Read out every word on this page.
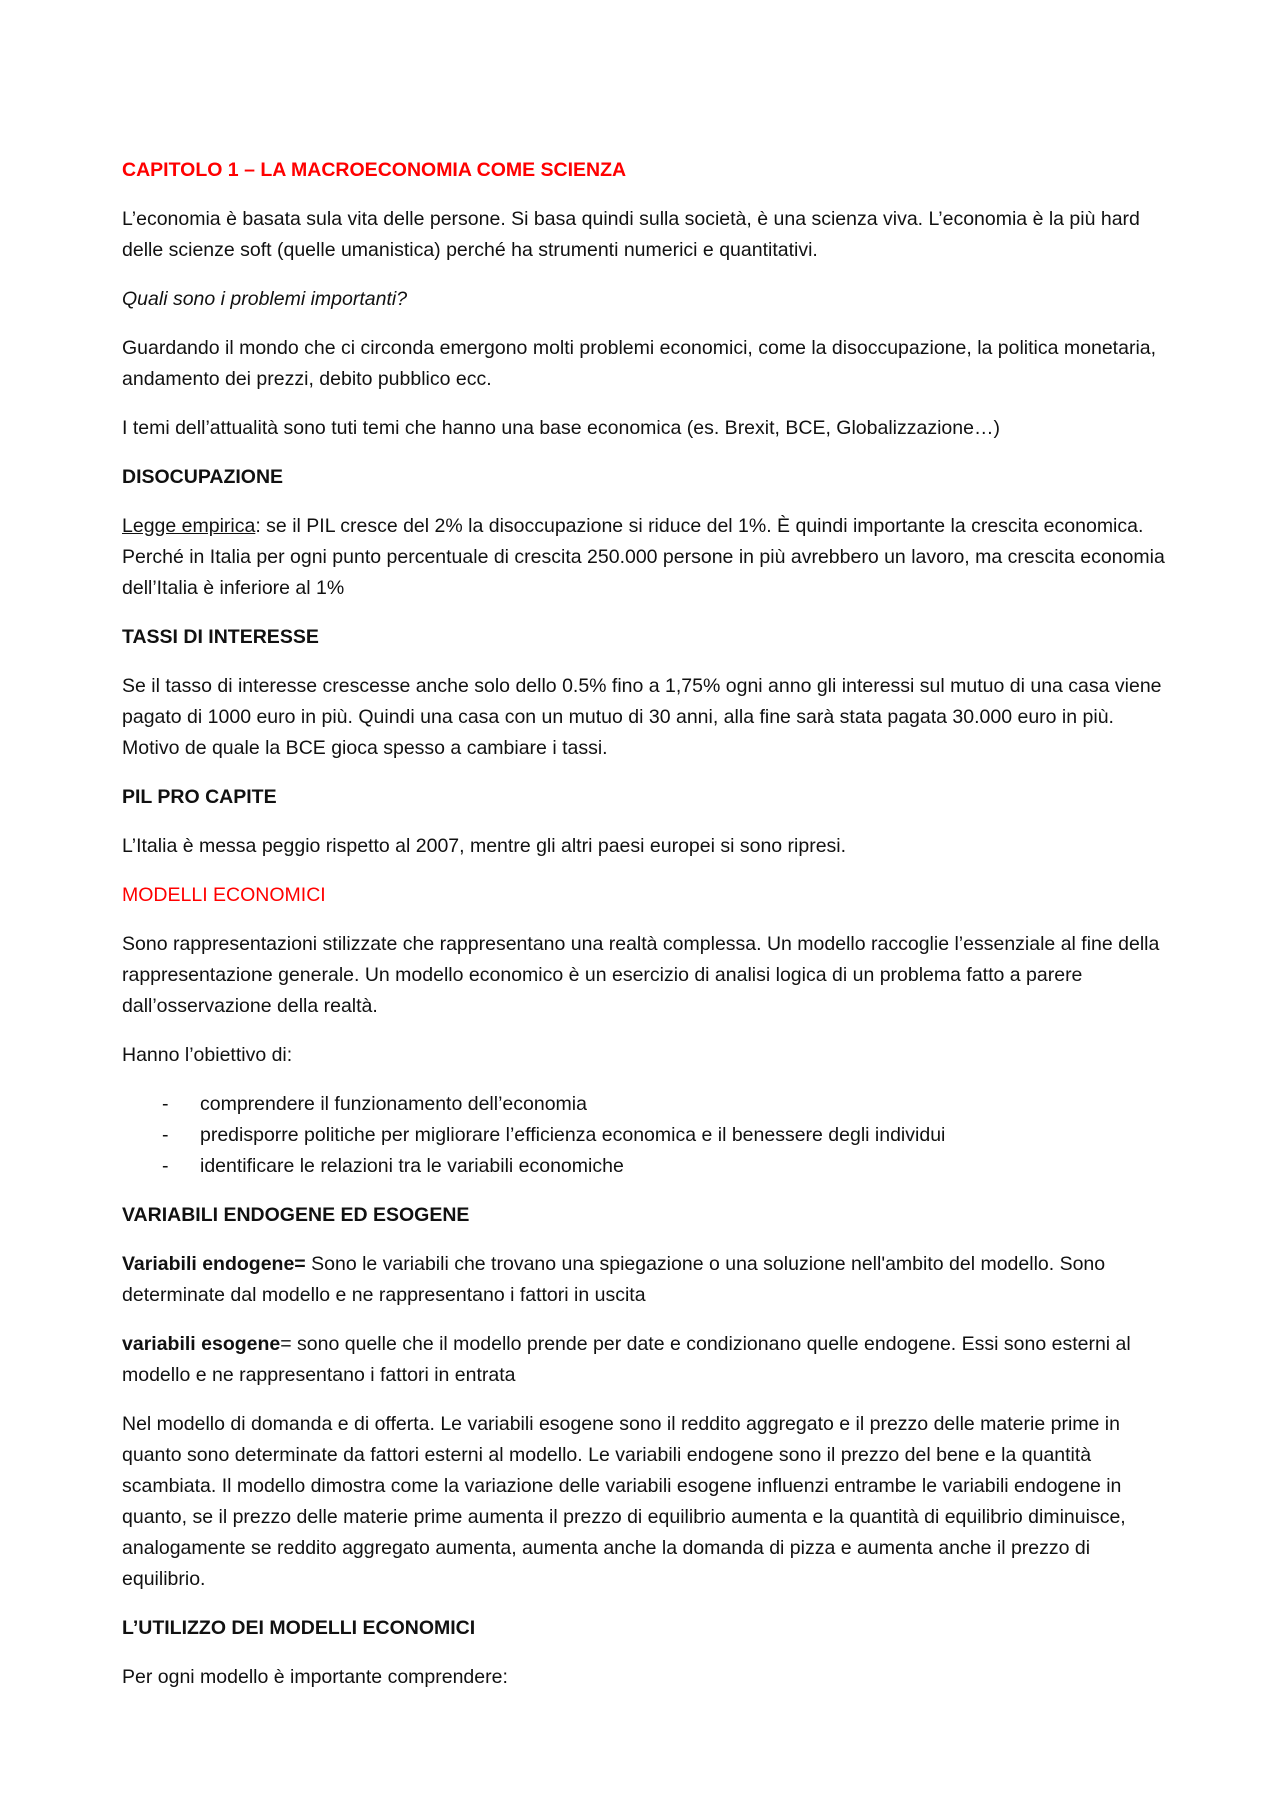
CAPITOLO 1 – LA MACROECONOMIA COME SCIENZA

L’economia è basata sula vita delle persone. Si basa quindi sulla società, è una scienza viva. L’economia è la più hard delle scienze soft (quelle umanistica) perché ha strumenti numerici e quantitativi.

Quali sono i problemi importanti?

Guardando il mondo che ci circonda emergono molti problemi economici, come la disoccupazione, la politica monetaria, andamento dei prezzi, debito pubblico ecc.

I temi dell’attualità sono tuti temi che hanno una base economica (es. Brexit, BCE, Globalizzazione…)

DISOCUPAZIONE

Legge empirica: se il PIL cresce del 2% la disoccupazione si riduce del 1%. È quindi importante la crescita economica. Perché in Italia per ogni punto percentuale di crescita 250.000 persone in più avrebbero un lavoro, ma crescita economia dell’Italia è inferiore al 1%

TASSI DI INTERESSE

Se il tasso di interesse crescesse anche solo dello 0.5% fino a 1,75% ogni anno gli interessi sul mutuo di una casa viene pagato di 1000 euro in più. Quindi una casa con un mutuo di 30 anni, alla fine sarà stata pagata 30.000 euro in più. Motivo de quale la BCE gioca spesso a cambiare i tassi.

PIL PRO CAPITE

L’Italia è messa peggio rispetto al 2007, mentre gli altri paesi europei si sono ripresi.

MODELLI ECONOMICI

Sono rappresentazioni stilizzate che rappresentano una realtà complessa. Un modello raccoglie l’essenziale al fine della rappresentazione generale. Un modello economico è un esercizio di analisi logica di un problema fatto a parere dall’osservazione della realtà.

Hanno l’obiettivo di:

- comprendere il funzionamento dell’economia
- predisporre politiche per migliorare l’efficienza economica e il benessere degli individui
- identificare le relazioni tra le variabili economiche

VARIABILI ENDOGENE ED ESOGENE

Variabili endogene= Sono le variabili che trovano una spiegazione o una soluzione nell'ambito del modello. Sono determinate dal modello e ne rappresentano i fattori in uscita

variabili esogene= sono quelle che il modello prende per date e condizionano quelle endogene. Essi sono esterni al modello e ne rappresentano i fattori in entrata

Nel modello di domanda e di offerta. Le variabili esogene sono il reddito aggregato e il prezzo delle materie prime in quanto sono determinate da fattori esterni al modello. Le variabili endogene sono il prezzo del bene e la quantità scambiata. Il modello dimostra come la variazione delle variabili esogene influenzi entrambe le variabili endogene in quanto, se il prezzo delle materie prime aumenta il prezzo di equilibrio aumenta e la quantità di equilibrio diminuisce, analogamente se reddito aggregato aumenta, aumenta anche la domanda di pizza e aumenta anche il prezzo di equilibrio.

L’UTILIZZO DEI MODELLI ECONOMICI

Per ogni modello è importante comprendere:
